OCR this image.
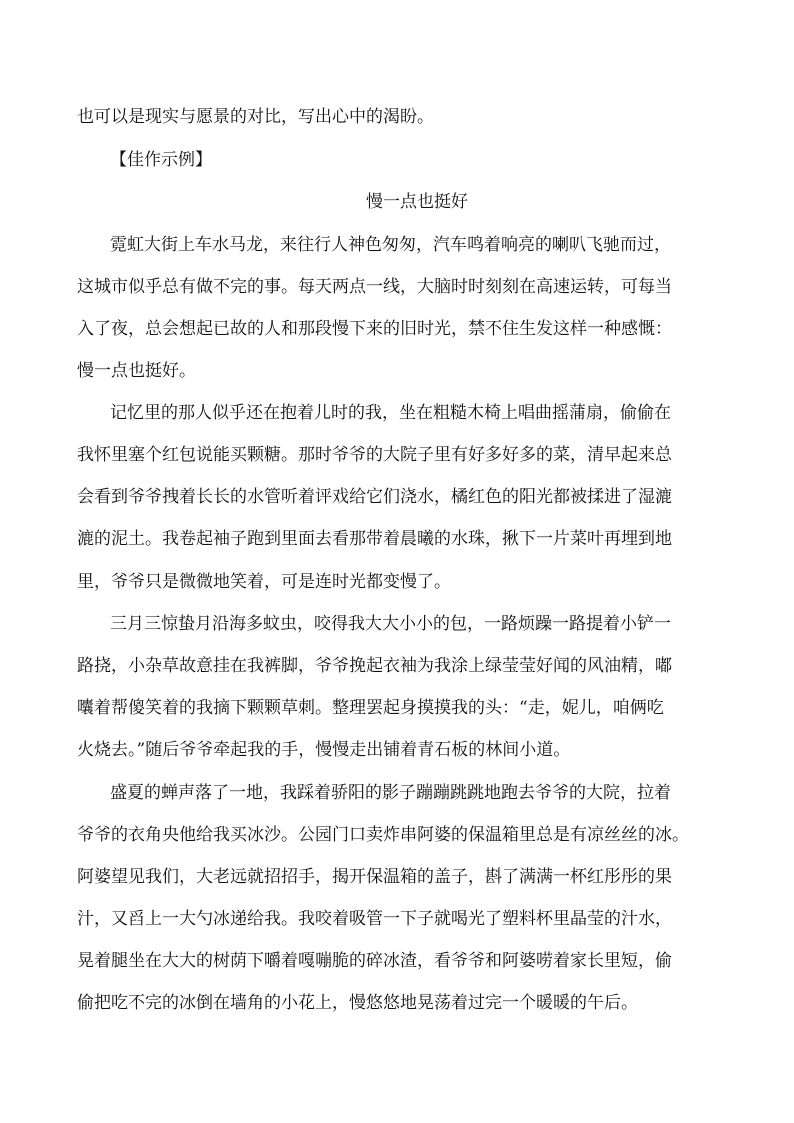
也可以是现实与愿景的对比，写出心中的渴盼。
【佳作示例】
慢一点也挺好
霓虹大街上车水马龙，来往行人神色匆匆，汽车鸣着响亮的喇叭飞驰而过，
这城市似乎总有做不完的事。每天两点一线，大脑时时刻刻在高速运转，可每当
入了夜，总会想起已故的人和那段慢下来的旧时光，禁不住生发这样一种感慨：
慢一点也挺好。
记忆里的那人似乎还在抱着儿时的我，坐在粗糙木椅上唱曲摇蒲扇，偷偷在
我怀里塞个红包说能买颗糖。那时爷爷的大院子里有好多好多的菜，清早起来总
会看到爷爷拽着长长的水管听着评戏给它们浇水，橘红色的阳光都被揉进了湿漉
漉的泥土。我卷起袖子跑到里面去看那带着晨曦的水珠，揪下一片菜叶再埋到地
里，爷爷只是微微地笑着，可是连时光都变慢了。
三月三惊蛰月沿海多蚊虫，咬得我大大小小的包，一路烦躁一路提着小铲一
路挠，小杂草故意挂在我裤脚，爷爷挽起衣袖为我涂上绿莹莹好闻的风油精，嘟
囔着帮傻笑着的我摘下颗颗草刺。整理罢起身摸摸我的头：“走，妮儿，咱俩吃
火烧去。”随后爷爷牵起我的手，慢慢走出铺着青石板的林间小道。
盛夏的蝉声落了一地，我踩着骄阳的影子蹦蹦跳跳地跑去爷爷的大院，拉着
爷爷的衣角央他给我买冰沙。公园门口卖炸串阿婆的保温箱里总是有凉丝丝的冰。
阿婆望见我们，大老远就招招手，揭开保温箱的盖子，斟了满满一杯红彤彤的果
汁，又舀上一大勺冰递给我。我咬着吸管一下子就喝光了塑料杯里晶莹的汁水，
晃着腿坐在大大的树荫下嚼着嘎嘣脆的碎冰渣，看爷爷和阿婆唠着家长里短，偷
偷把吃不完的冰倒在墙角的小花上，慢悠悠地晃荡着过完一个暖暖的午后。
